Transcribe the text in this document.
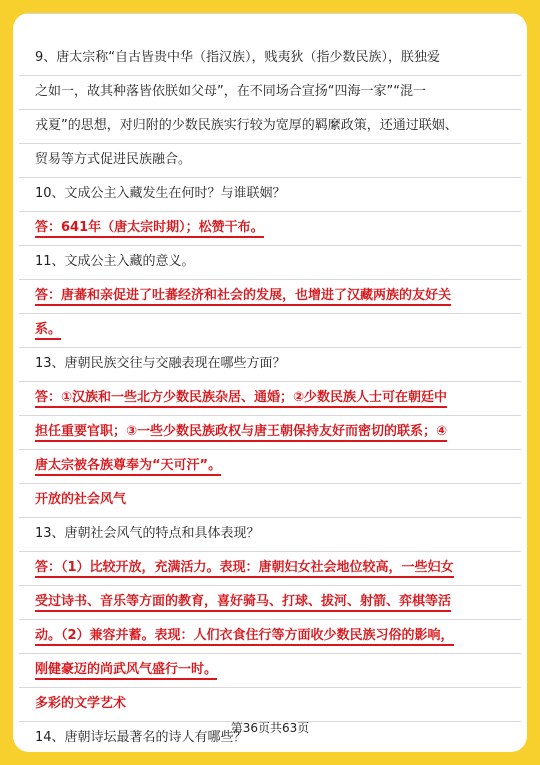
9、唐太宗称“自古皆贵中华（指汉族），贱夷狄（指少数民族），朕独爱
之如一，故其种落皆依朕如父母”，在不同场合宣扬“四海一家”“混一
戎夏”的思想，对归附的少数民族实行较为宽厚的羁縻政策，还通过联姻、
贸易等方式促进民族融合。
10、文成公主入藏发生在何时？与谁联姻？
答：641年（唐太宗时期）；松赞干布。
11、文成公主入藏的意义。
答：唐蕃和亲促进了吐蕃经济和社会的发展，也增进了汉藏两族的友好关
系。
13、唐朝民族交往与交融表现在哪些方面？
答：①汉族和一些北方少数民族杂居、通婚；②少数民族人士可在朝廷中
担任重要官职；③一些少数民族政权与唐王朝保持友好而密切的联系；④
唐太宗被各族尊奉为“天可汗”。
开放的社会风气
13、唐朝社会风气的特点和具体表现？
答：（1）比较开放，充满活力。表现：唐朝妇女社会地位较高，一些妇女
受过诗书、音乐等方面的教育，喜好骑马、打球、拔河、射箭、弈棋等活
动。（2）兼容并蓄。表现：人们衣食住行等方面收少数民族习俗的影响，
刚健豪迈的尚武风气盛行一时。
多彩的文学艺术
14、唐朝诗坛最著名的诗人有哪些？
第36页共63页
